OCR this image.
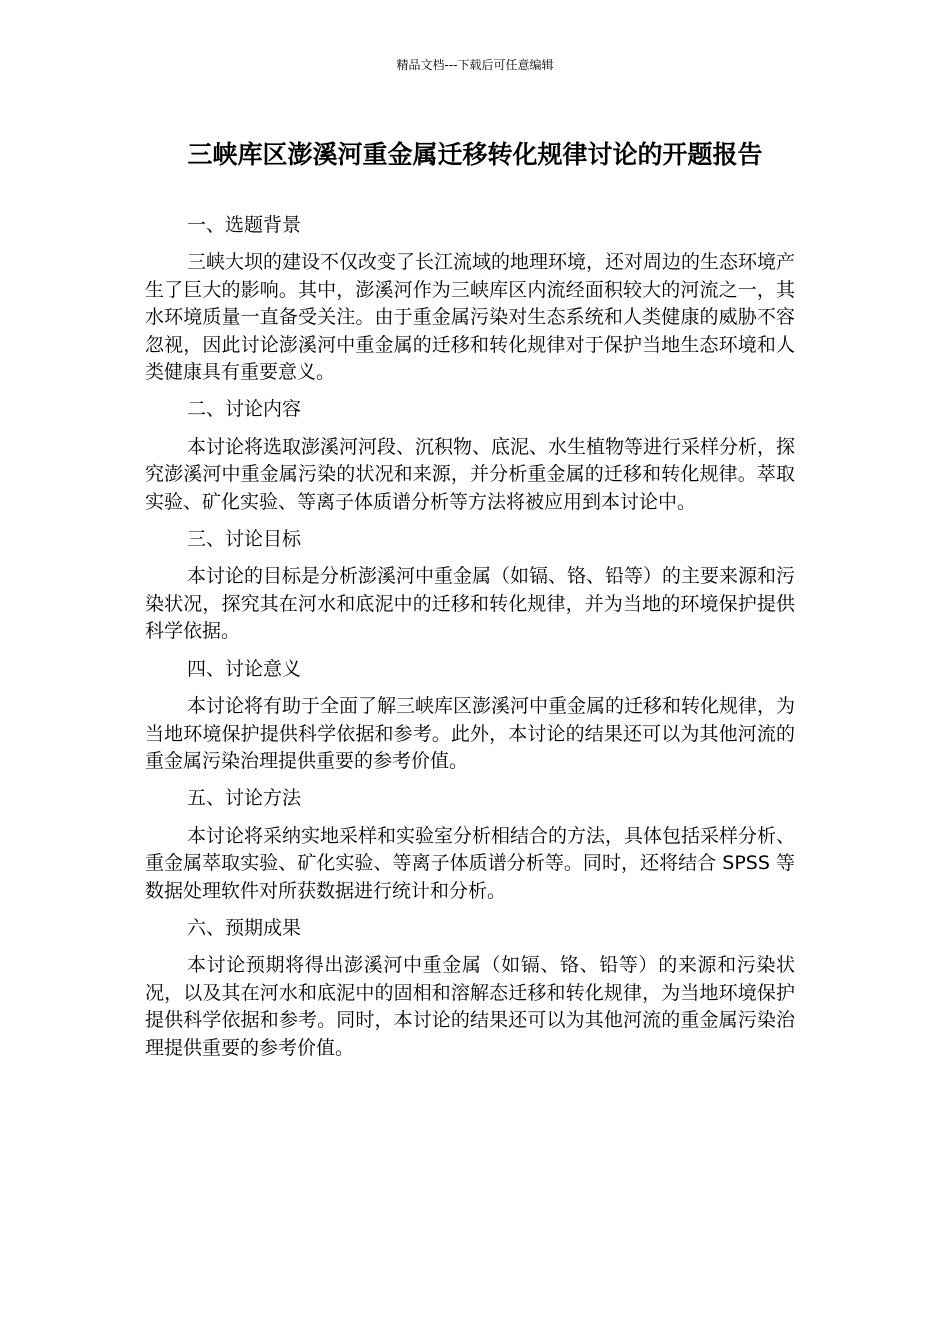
精品文档---下载后可任意编辑
三峡库区澎溪河重金属迁移转化规律讨论的开题报告

一、选题背景

三峡大坝的建设不仅改变了长江流域的地理环境，还对周边的生态环境产生了巨大的影响。其中，澎溪河作为三峡库区内流经面积较大的河流之一，其水环境质量一直备受关注。由于重金属污染对生态系统和人类健康的威胁不容忽视，因此讨论澎溪河中重金属的迁移和转化规律对于保护当地生态环境和人类健康具有重要意义。

二、讨论内容

本讨论将选取澎溪河河段、沉积物、底泥、水生植物等进行采样分析，探究澎溪河中重金属污染的状况和来源，并分析重金属的迁移和转化规律。萃取实验、矿化实验、等离子体质谱分析等方法将被应用到本讨论中。

三、讨论目标

本讨论的目标是分析澎溪河中重金属（如镉、铬、铅等）的主要来源和污染状况，探究其在河水和底泥中的迁移和转化规律，并为当地的环境保护提供科学依据。

四、讨论意义

本讨论将有助于全面了解三峡库区澎溪河中重金属的迁移和转化规律，为当地环境保护提供科学依据和参考。此外，本讨论的结果还可以为其他河流的重金属污染治理提供重要的参考价值。

五、讨论方法

本讨论将采纳实地采样和实验室分析相结合的方法，具体包括采样分析、重金属萃取实验、矿化实验、等离子体质谱分析等。同时，还将结合 SPSS 等数据处理软件对所获数据进行统计和分析。

六、预期成果

本讨论预期将得出澎溪河中重金属（如镉、铬、铅等）的来源和污染状况，以及其在河水和底泥中的固相和溶解态迁移和转化规律，为当地环境保护提供科学依据和参考。同时，本讨论的结果还可以为其他河流的重金属污染治理提供重要的参考价值。
